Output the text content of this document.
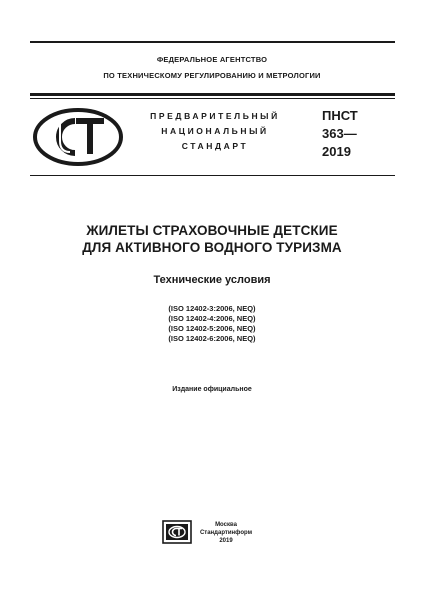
ФЕДЕРАЛЬНОЕ АГЕНТСТВО
ПО ТЕХНИЧЕСКОМУ РЕГУЛИРОВАНИЮ И МЕТРОЛОГИИ
ПРЕДВАРИТЕЛЬНЫЙ
НАЦИОНАЛЬНЫЙ
СТАНДАРТ
ПНСТ
363—
2019
ЖИЛЕТЫ СТРАХОВОЧНЫЕ ДЕТСКИЕ
ДЛЯ АКТИВНОГО ВОДНОГО ТУРИЗМА
Технические условия
(ISO 12402-3:2006, NEQ)
(ISO 12402-4:2006, NEQ)
(ISO 12402-5:2006, NEQ)
(ISO 12402-6:2006, NEQ)
Издание официальное
Москва
Стандартинформ
2019
